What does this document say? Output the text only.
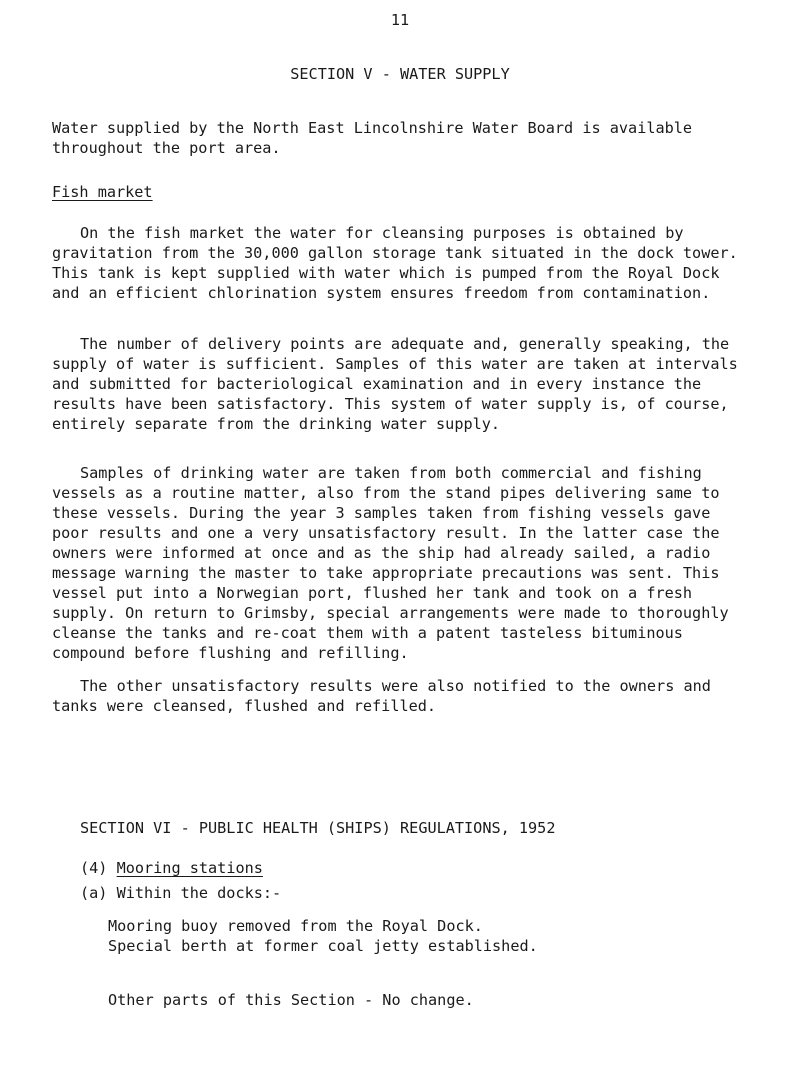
11
SECTION V - WATER SUPPLY

Water supplied by the North East Lincolnshire Water Board is available throughout the port area.

Fish market

On the fish market the water for cleansing purposes is obtained by gravitation from the 30,000 gallon storage tank situated in the dock tower. This tank is kept supplied with water which is pumped from the Royal Dock and an efficient chlorination system ensures freedom from contamination.

The number of delivery points are adequate and, generally speaking, the supply of water is sufficient. Samples of this water are taken at intervals and submitted for bacteriological examination and in every instance the results have been satisfactory. This system of water supply is, of course, entirely separate from the drinking water supply.

Samples of drinking water are taken from both commercial and fishing vessels as a routine matter, also from the stand pipes delivering same to these vessels. During the year 3 samples taken from fishing vessels gave poor results and one a very unsatisfactory result. In the latter case the owners were informed at once and as the ship had already sailed, a radio message warning the master to take appropriate precautions was sent. This vessel put into a Norwegian port, flushed her tank and took on a fresh supply. On return to Grimsby, special arrangements were made to thoroughly cleanse the tanks and re-coat them with a patent tasteless bituminous compound before flushing and refilling.

The other unsatisfactory results were also notified to the owners and tanks were cleansed, flushed and refilled.

SECTION VI - PUBLIC HEALTH (SHIPS) REGULATIONS, 1952
(4) Mooring stations
(a) Within the docks:-
Mooring buoy removed from the Royal Dock.
Special berth at former coal jetty established.
Other parts of this Section - No change.
